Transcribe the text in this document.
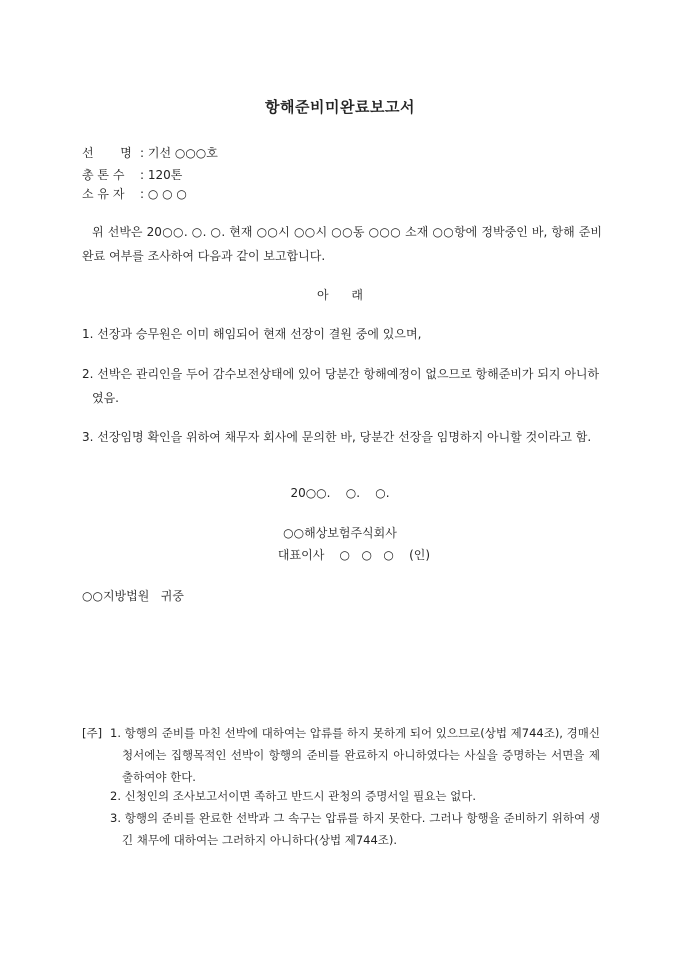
항해준비미완료보고서
선       명 : 기선 ○○○호
총 톤 수 : 120톤
소 유 자 : ○ ○ ○
위 선박은 20○○. ○. ○. 현재 ○○시 ○○시 ○○동 ○○○ 소재 ○○항에 정박중인 바, 항해 준비완료 여부를 조사하여 다음과 같이 보고합니다.
아      래
1. 선장과 승무원은 이미 해임되어 현재 선장이 결원 중에 있으며,
2. 선박은 관리인을 두어 감수보전상태에 있어 당분간 항해예정이 없으므로 항해준비가 되지 아니하였음.
3. 선장임명 확인을 위하여 채무자 회사에 문의한 바, 당분간 선장을 임명하지 아니할 것이라고 함.
20○○.    ○.    ○.
○○해상보험주식회사
대표이사    ○   ○   ○    (인)
○○지방법원   귀중
[주] 1. 항행의 준비를 마친 선박에 대하여는 압류를 하지 못하게 되어 있으므로(상법 제744조), 경매신청서에는 집행목적인 선박이 항행의 준비를 완료하지 아니하였다는 사실을 증명하는 서면을 제출하여야 한다.
2. 신청인의 조사보고서이면 족하고 반드시 관청의 증명서일 필요는 없다.
3. 항행의 준비를 완료한 선박과 그 속구는 압류를 하지 못한다. 그러나 항행을 준비하기 위하여 생긴 채무에 대하여는 그러하지 아니하다(상법 제744조).
